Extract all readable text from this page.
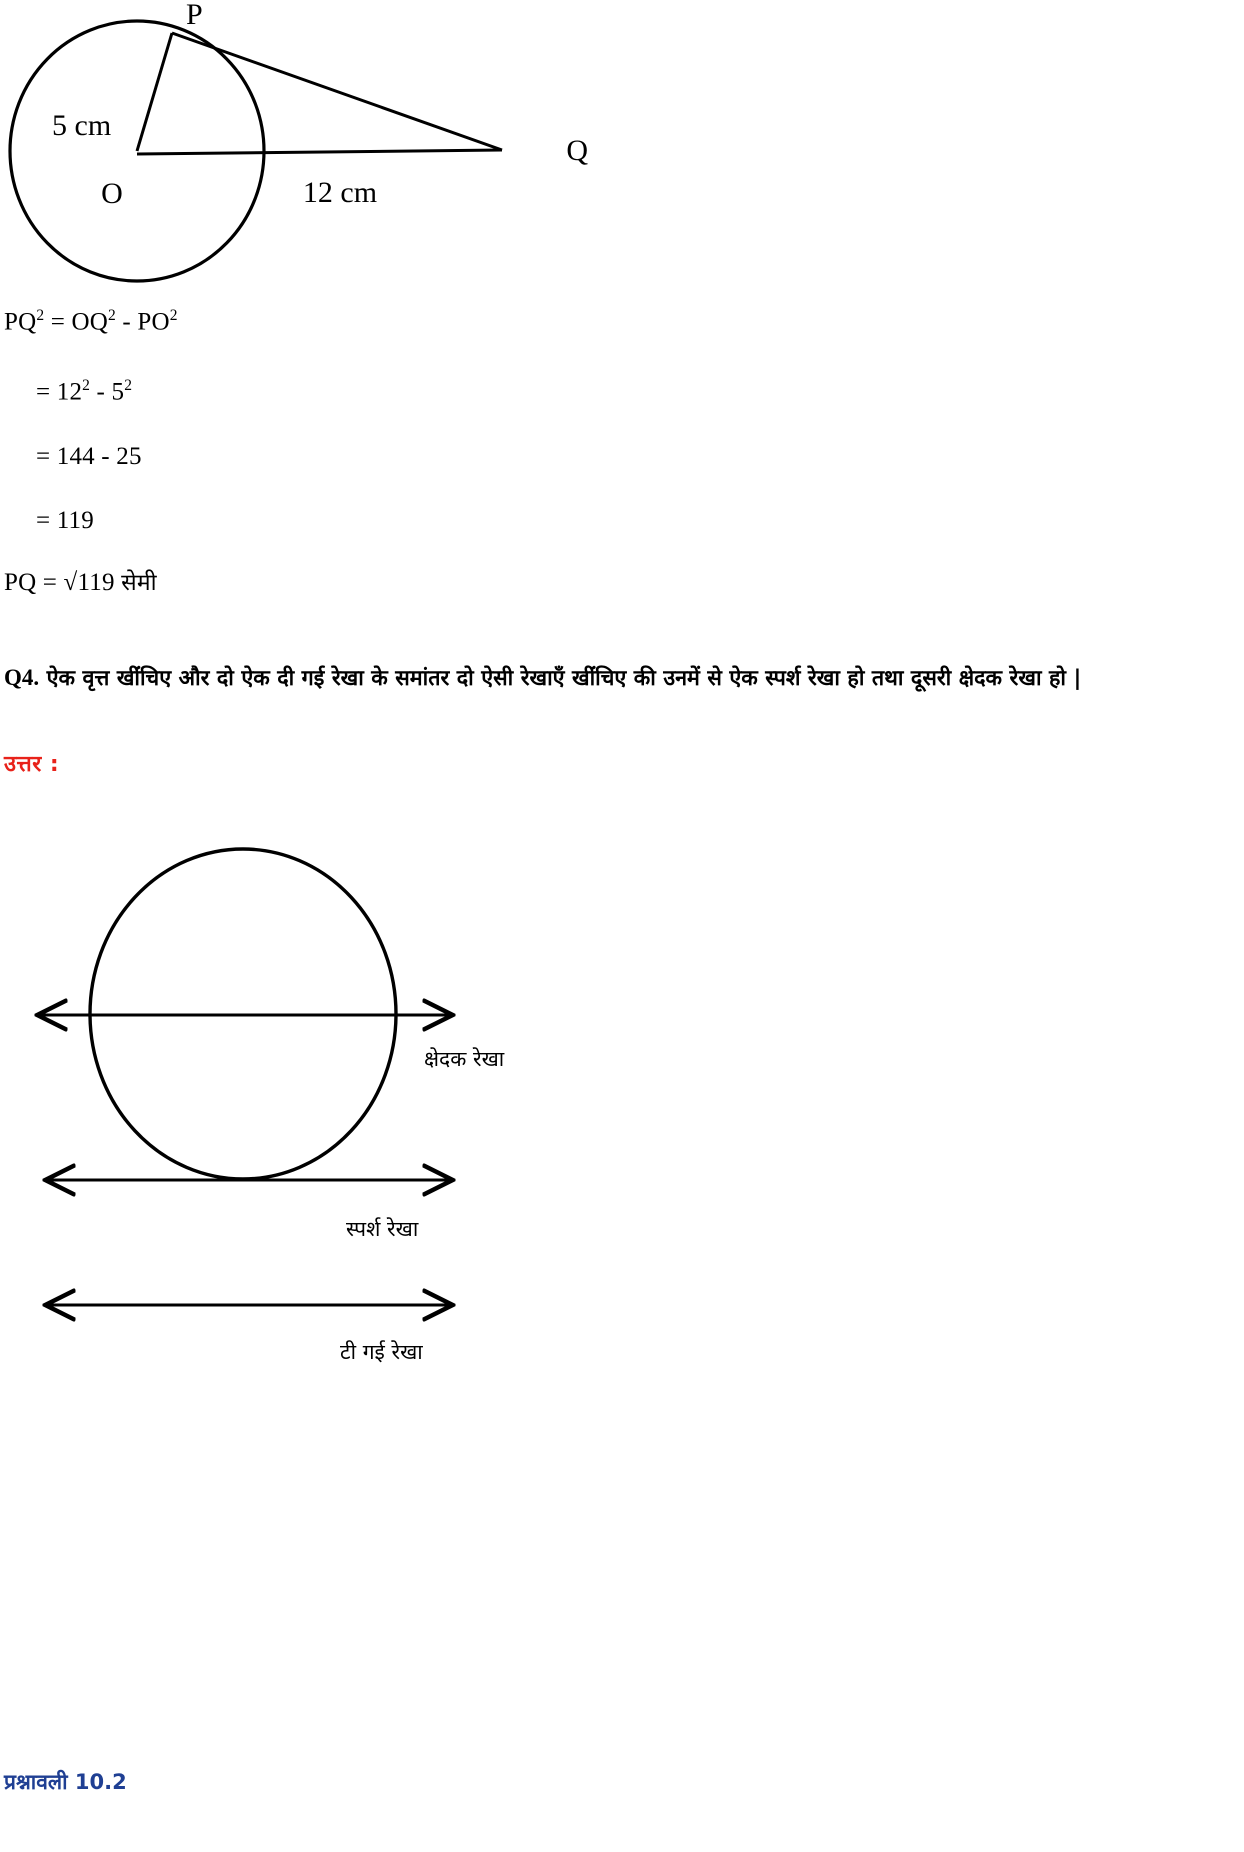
P
Q
O
5 cm
12 cm
$PQ^2 = OQ^2 - PO^2$
= $12^2 - 5^2$
= 144 - 25
= 119
PQ = √119 सेमी
Q4. ऐक वृत्त खींंचिए और दो ऐक दी गई रेखा के समांतर दो ऐसी रेखाएँ खींंचिए की उनमें से ऐक स्पर्श रेखा हो तथा दूसरी क्षेदक रेखा हो |
उत्तर :
क्षेदक रेखा
स्पर्श रेखा
टी गई रेखा
प्रश्नावली 10.2
